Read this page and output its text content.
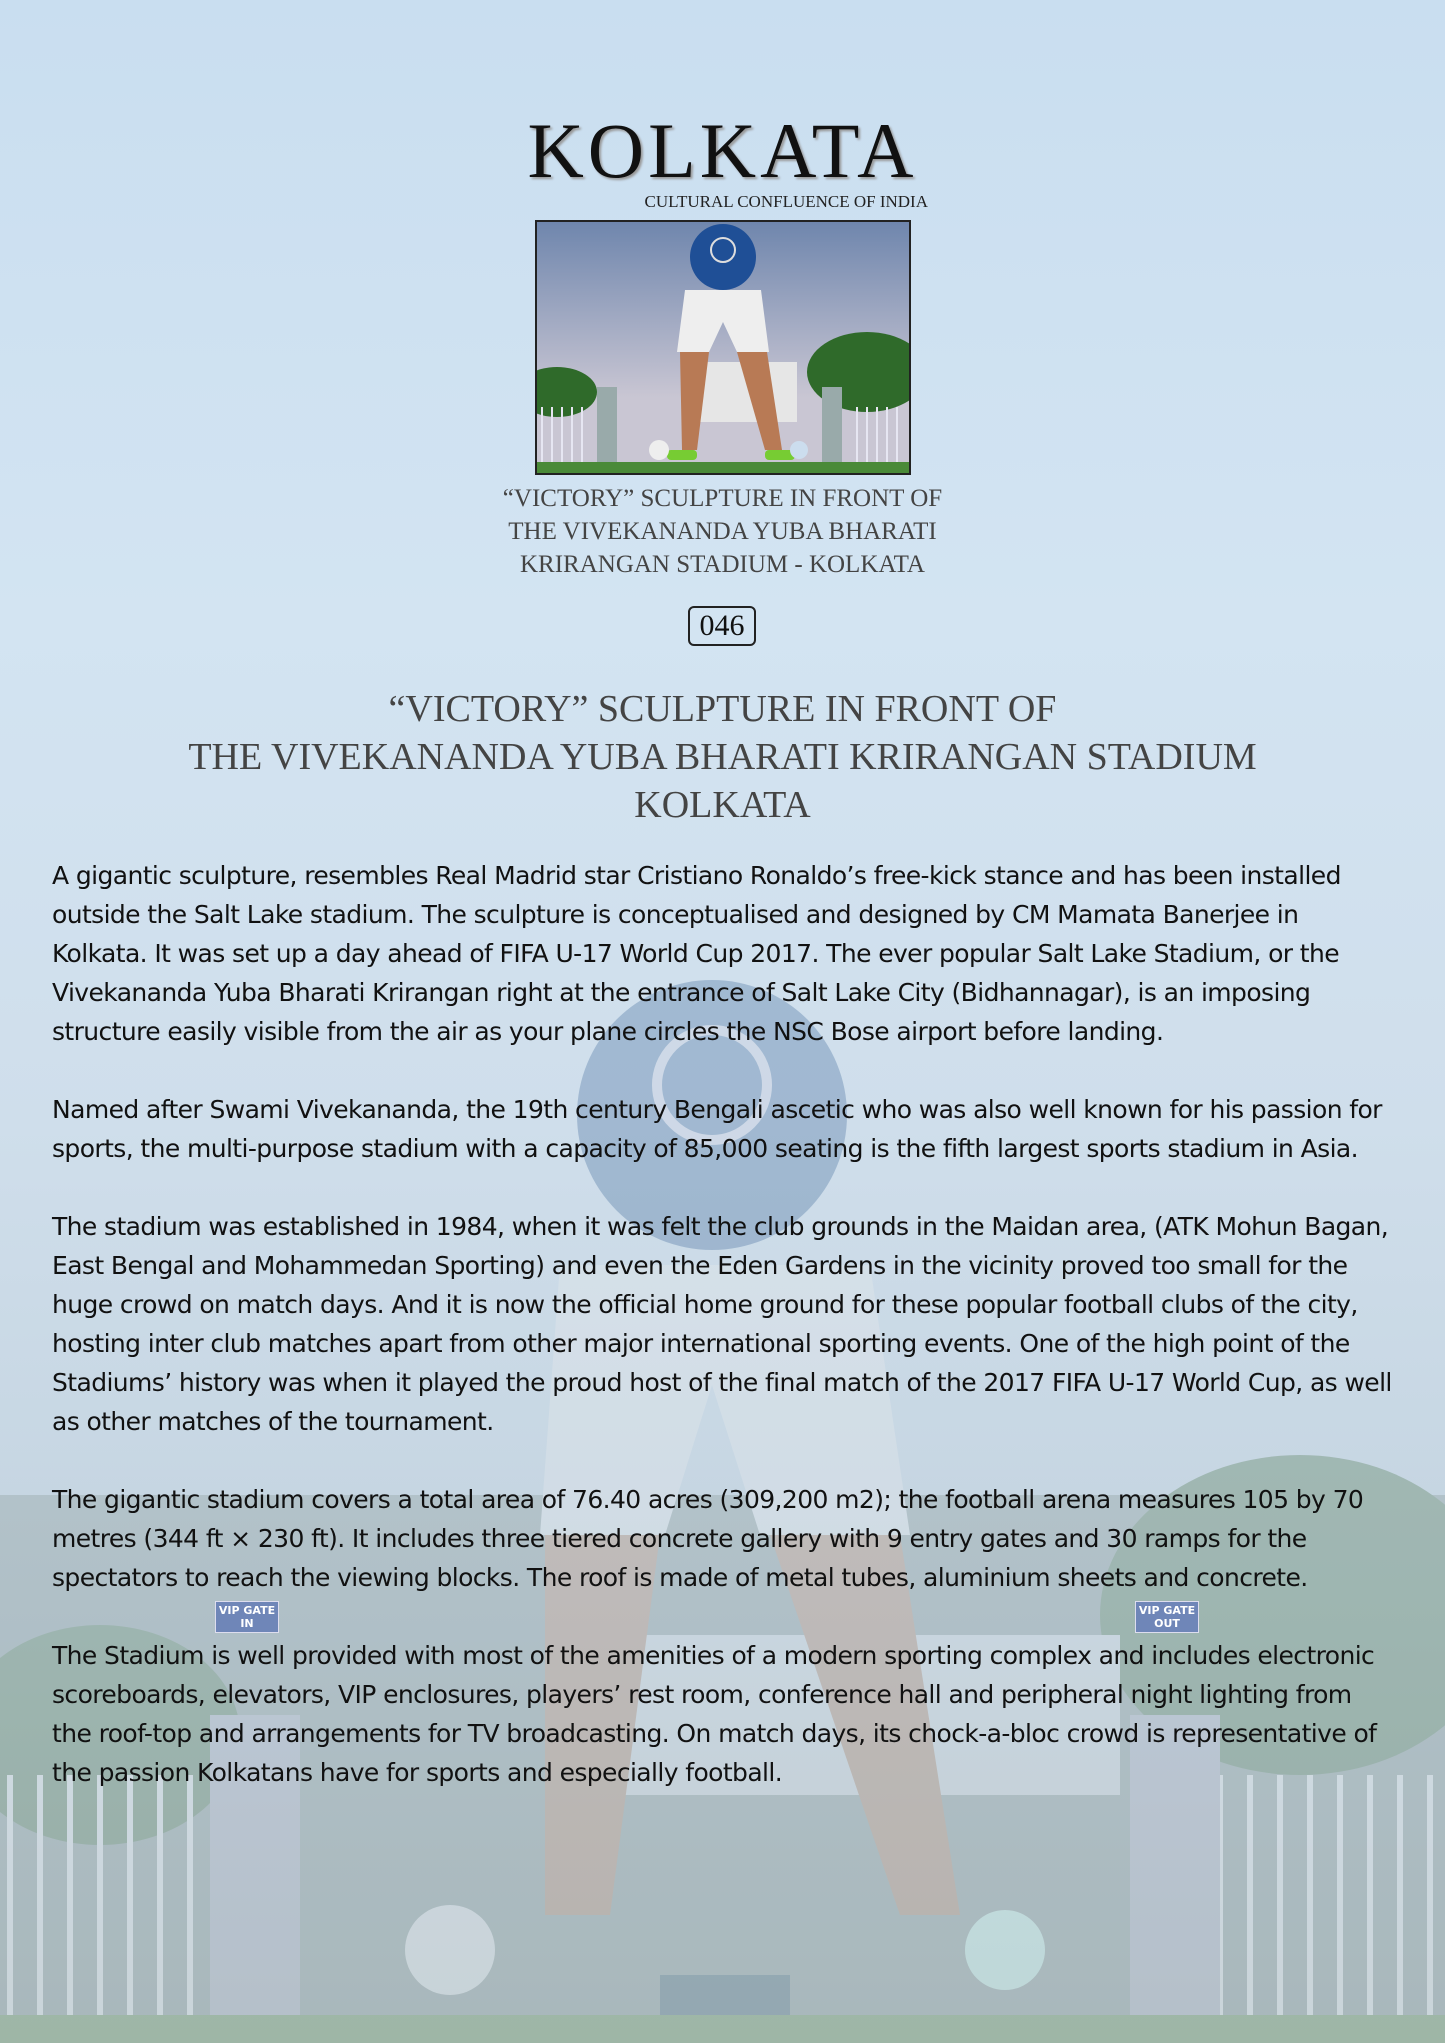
KOLKATA
CULTURAL CONFLUENCE OF INDIA
“VICTORY” SCULPTURE IN FRONT OF
THE VIVEKANANDA YUBA BHARATI
KRIRANGAN STADIUM - KOLKATA
046
“VICTORY” SCULPTURE IN FRONT OF
THE VIVEKANANDA YUBA BHARATI KRIRANGAN STADIUM
KOLKATA

A gigantic sculpture, resembles Real Madrid star Cristiano Ronaldo’s free-kick stance and has been installed outside the Salt Lake stadium. The sculpture is conceptualised and designed by CM Mamata Banerjee in Kolkata. It was set up a day ahead of FIFA U-17 World Cup 2017. The ever popular Salt Lake Stadium, or the Vivekananda Yuba Bharati Krirangan right at the entrance of Salt Lake City (Bidhannagar), is an imposing structure easily visible from the air as your plane circles the NSC Bose airport before landing.

Named after Swami Vivekananda, the 19th century Bengali ascetic who was also well known for his passion for sports, the multi-purpose stadium with a capacity of 85,000 seating is the fifth largest sports stadium in Asia.

The stadium was established in 1984, when it was felt the club grounds in the Maidan area, (ATK Mohun Bagan, East Bengal and Mohammedan Sporting) and even the Eden Gardens in the vicinity proved too small for the huge crowd on match days. And it is now the official home ground for these popular football clubs of the city, hosting inter club matches apart from other major international sporting events. One of the high point of the Stadiums’ history was when it played the proud host of the final match of the 2017 FIFA U-17 World Cup, as well as other matches of the tournament.

The gigantic stadium covers a total area of 76.40 acres (309,200 m2); the football arena measures 105 by 70 metres (344 ft × 230 ft). It includes three tiered concrete gallery with 9 entry gates and 30 ramps for the spectators to reach the viewing blocks. The roof is made of metal tubes, aluminium sheets and concrete.

VIP GATE IN
VIP GATE OUT

The Stadium is well provided with most of the amenities of a modern sporting complex and includes electronic scoreboards, elevators, VIP enclosures, players’ rest room, conference hall and peripheral night lighting from the roof-top and arrangements for TV broadcasting. On match days, its chock-a-bloc crowd is representative of the passion Kolkatans have for sports and especially football.
